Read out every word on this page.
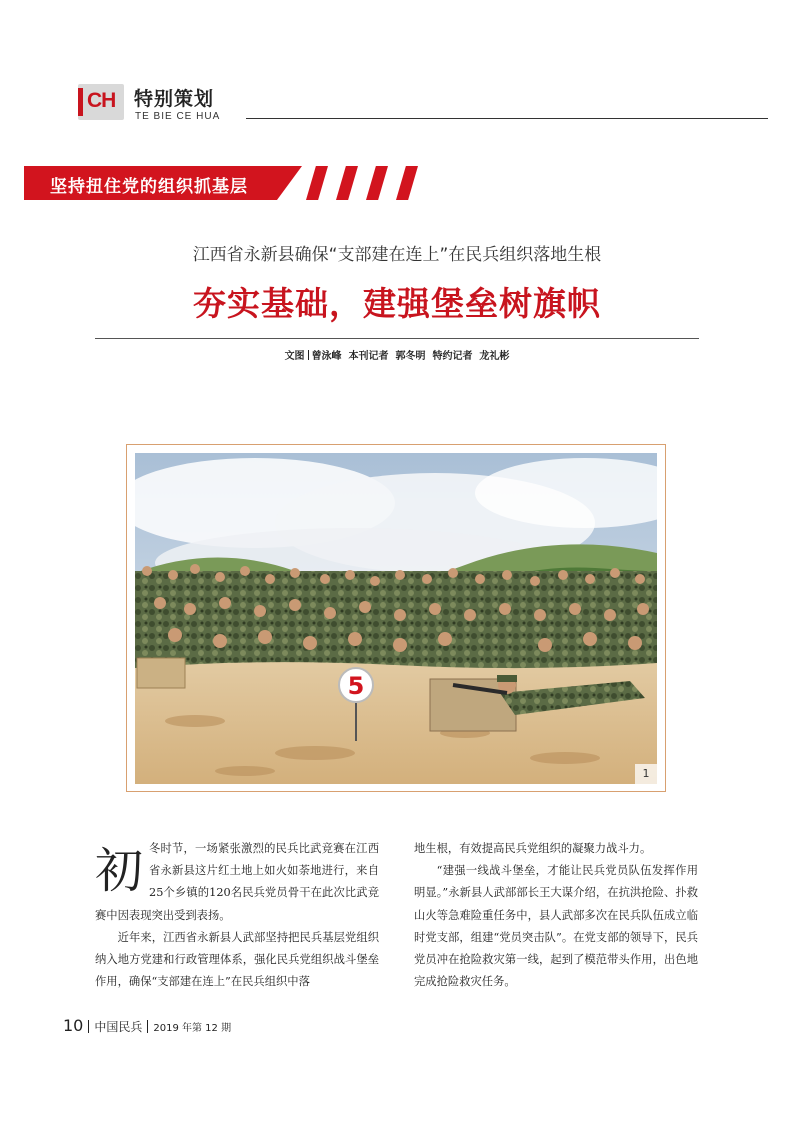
CH 特别策划
TE BIE CE HUA
坚持扭住党的组织抓基层
江西省永新县确保“支部建在连上”在民兵组织落地生根
夯实基础，建强堡垒树旗帜
文图 曾泳峰  本刊记者  郭冬明  特约记者  龙礼彬
5
1
初 冬时节，一场紧张激烈的民兵比武竞赛在江西省永新县这片红土地上如火如荼地进行，来自25个乡镇的120名民兵党员骨干在此次比武竞赛中因表现突出受到表扬。

近年来，江西省永新县人武部坚持把民兵基层党组织纳入地方党建和行政管理体系，强化民兵党组织战斗堡垒作用，确保“支部建在连上”在民兵组织中落

地生根，有效提高民兵党组织的凝聚力战斗力。

“建强一线战斗堡垒，才能让民兵党员队伍发挥作用明显。”永新县人武部部长王大谋介绍，在抗洪抢险、扑救山火等急难险重任务中，县人武部多次在民兵队伍成立临时党支部，组建“党员突击队”。在党支部的领导下，民兵党员冲在抢险救灾第一线，起到了模范带头作用，出色地完成抢险救灾任务。

10 中国民兵 2019 年第 12 期
